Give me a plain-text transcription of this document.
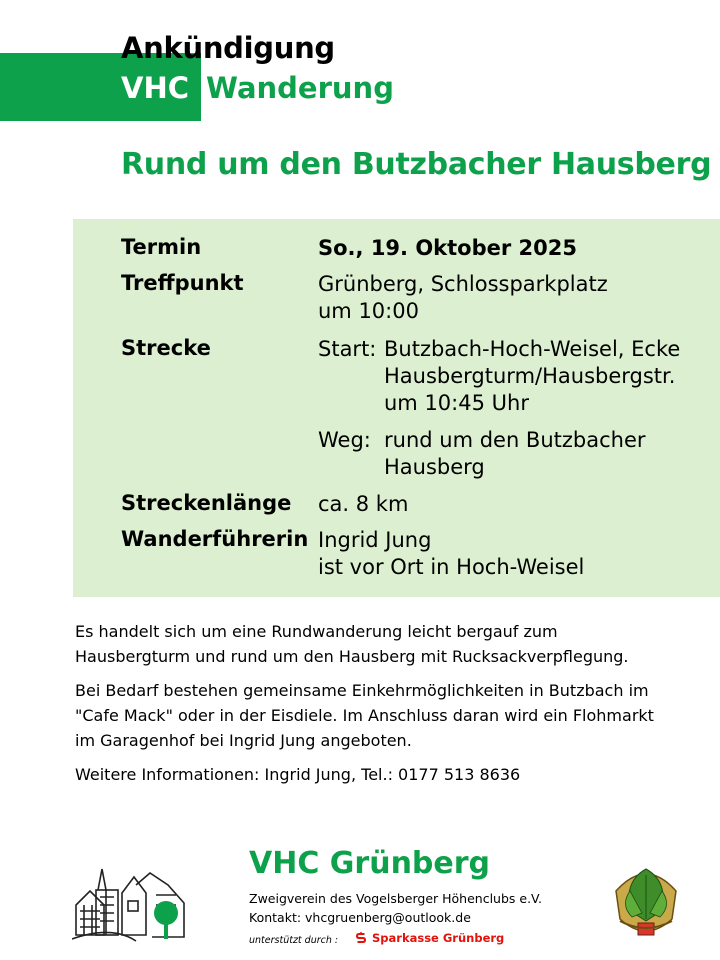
Ankündigung
VHC Wanderung
Rund um den Butzbacher Hausberg
Termin	So., 19. Oktober 2025
Treffpunkt	Grünberg, Schlossparkplatz
um 10:00
Strecke	Start: Butzbach-Hoch-Weisel, Ecke
Hausbergturm/Hausbergstr.
um 10:45 Uhr
Weg: rund um den Butzbacher
Hausberg
Streckenlänge ca. 8 km
Wanderführerin Ingrid Jung
ist vor Ort in Hoch-Weisel
Es handelt sich um eine Rundwanderung leicht bergauf zum
Hausbergturm und rund um den Hausberg mit Rucksackverpflegung.
Bei Bedarf bestehen gemeinsame Einkehrmöglichkeiten in Butzbach im
"Cafe Mack" oder in der Eisdiele. Im Anschluss daran wird ein Flohmarkt
im Garagenhof bei Ingrid Jung angeboten.
Weitere Informationen: Ingrid Jung, Tel.: 0177 513 8636
VHC Grünberg
Zweigverein des Vogelsberger Höhenclubs e.V.
Kontakt: vhcgruenberg@outlook.de
unterstützt durch :	Sparkasse Grünberg
